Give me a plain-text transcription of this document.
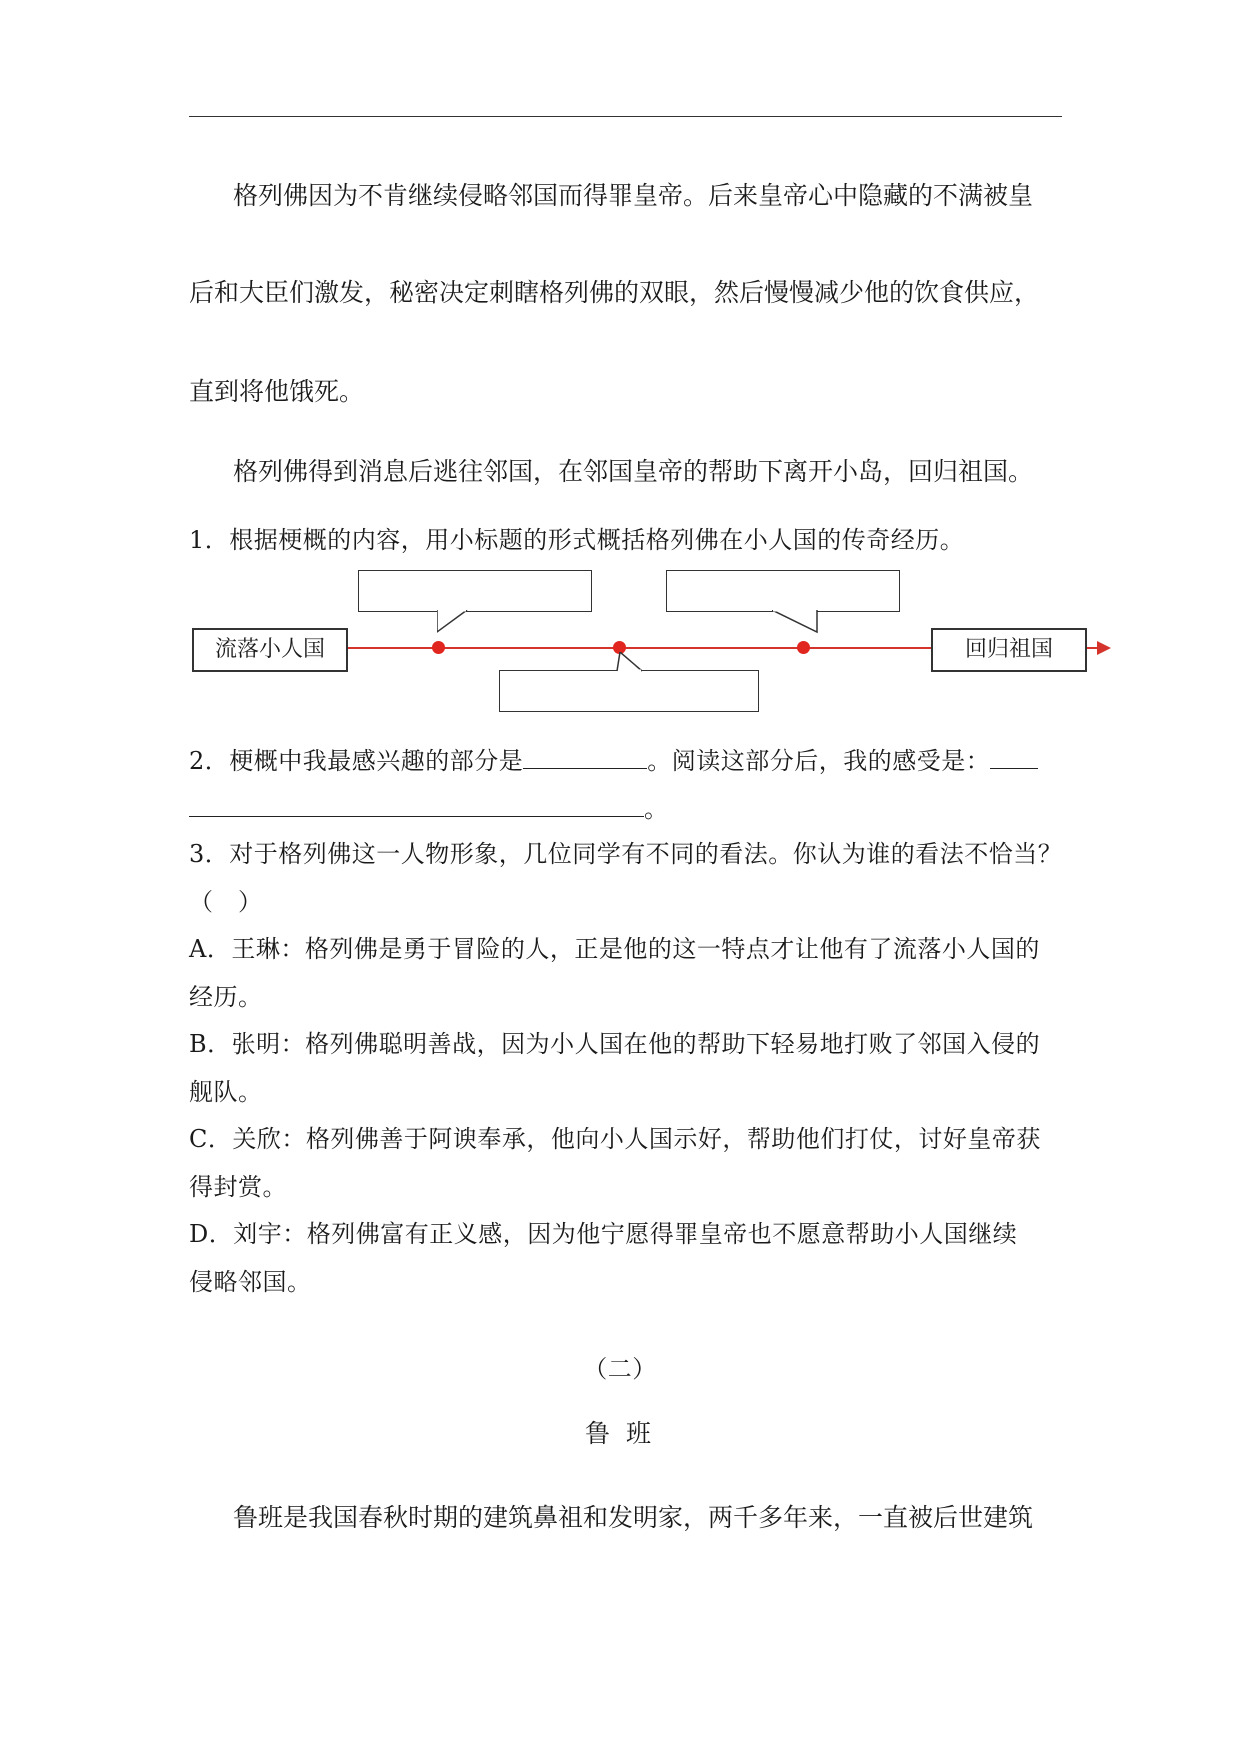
格列佛因为不肯继续侵略邻国而得罪皇帝。后来皇帝心中隐藏的不满被皇
后和大臣们激发，秘密决定刺瞎格列佛的双眼，然后慢慢减少他的饮食供应，
直到将他饿死。
格列佛得到消息后逃往邻国，在邻国皇帝的帮助下离开小岛，回归祖国。
1．根据梗概的内容，用小标题的形式概括格列佛在小人国的传奇经历。
流落小人国	回归祖国
2．梗概中我最感兴趣的部分是	。阅读这部分后，我的感受是：
。
3．对于格列佛这一人物形象，几位同学有不同的看法。你认为谁的看法不恰当？
（　）
A．王琳：格列佛是勇于冒险的人，正是他的这一特点才让他有了流落小人国的
经历。
B．张明：格列佛聪明善战，因为小人国在他的帮助下轻易地打败了邻国入侵的
舰队。
C．关欣：格列佛善于阿谀奉承，他向小人国示好，帮助他们打仗，讨好皇帝获
得封赏。
D．刘宇：格列佛富有正义感，因为他宁愿得罪皇帝也不愿意帮助小人国继续
侵略邻国。
（二）
鲁 班
鲁班是我国春秋时期的建筑鼻祖和发明家，两千多年来，一直被后世建筑
